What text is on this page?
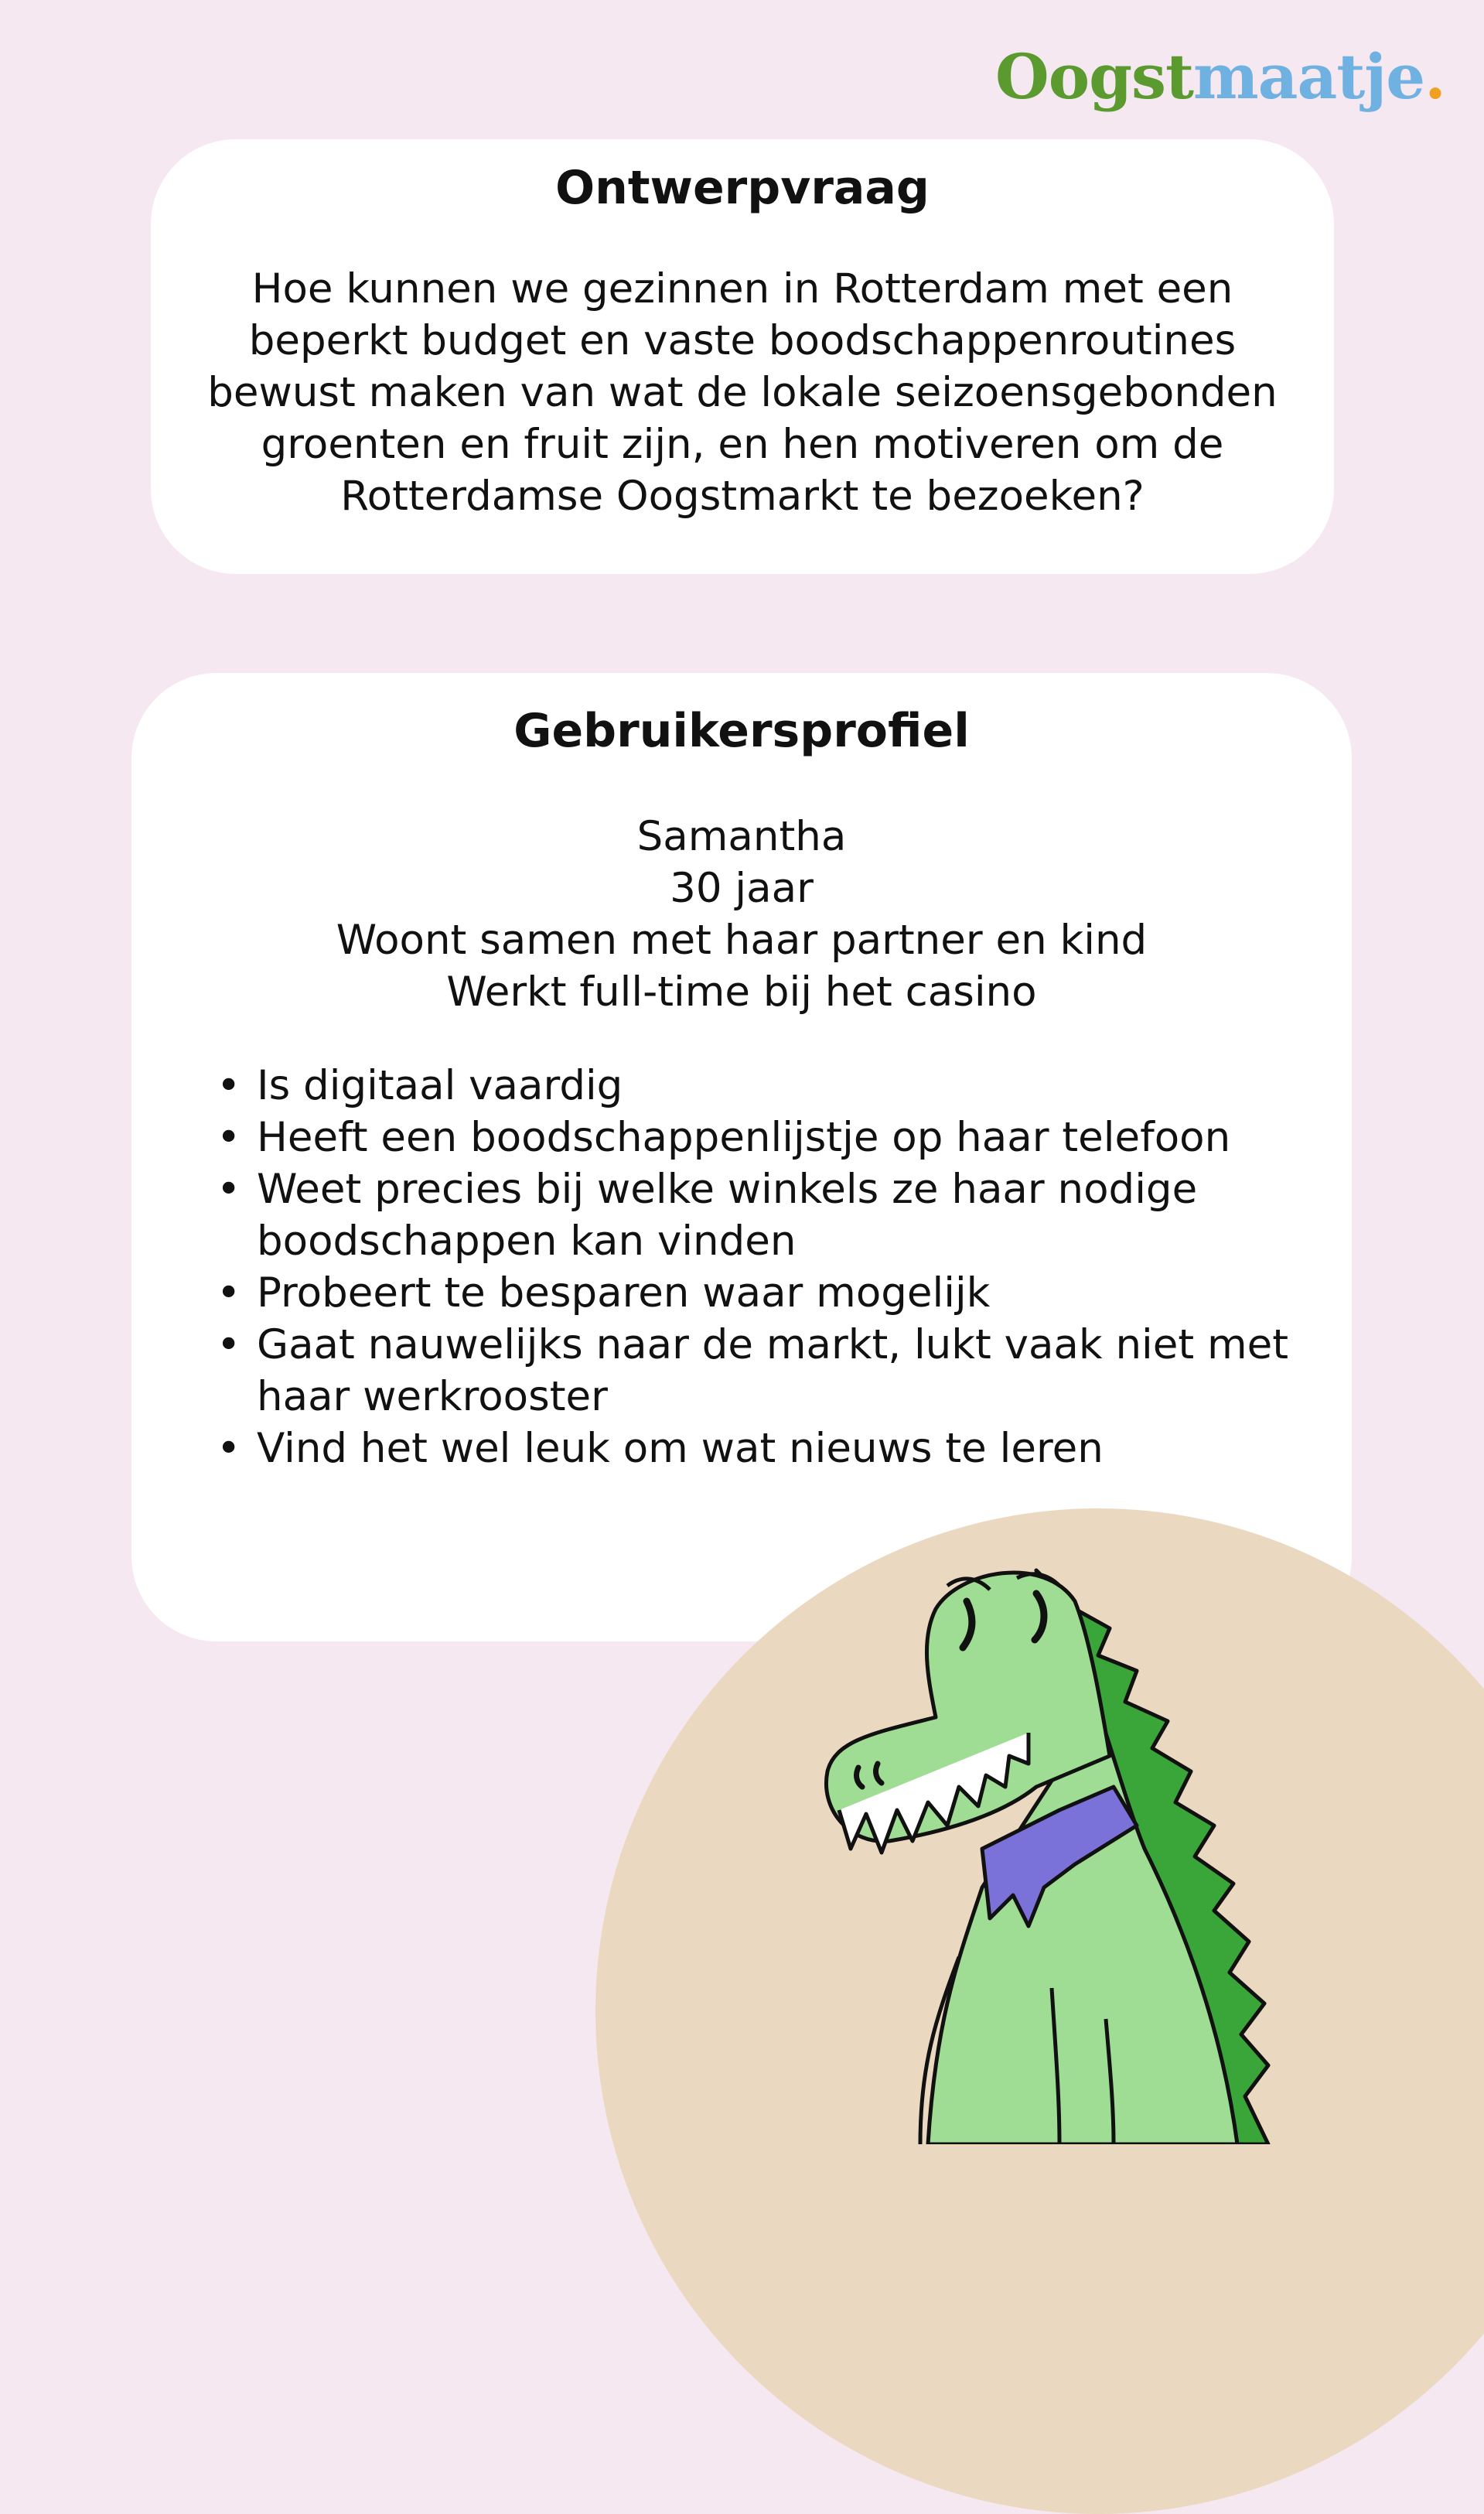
Oogstmaatje.
Ontwerpvraag

Hoe kunnen we gezinnen in Rotterdam met een
beperkt budget en vaste boodschappenroutines
bewust maken van wat de lokale seizoensgebonden
groenten en fruit zijn, en hen motiveren om de
Rotterdamse Oogstmarkt te bezoeken?

Gebruikersprofiel
Samantha
30 jaar
Woont samen met haar partner en kind
Werkt full-time bij het casino
• Is digitaal vaardig
• Heeft een boodschappenlijstje op haar telefoon
• Weet precies bij welke winkels ze haar nodige boodschappen kan vinden
• Probeert te besparen waar mogelijk
• Gaat nauwelijks naar de markt, lukt vaak niet met haar werkrooster
• Vind het wel leuk om wat nieuws te leren
